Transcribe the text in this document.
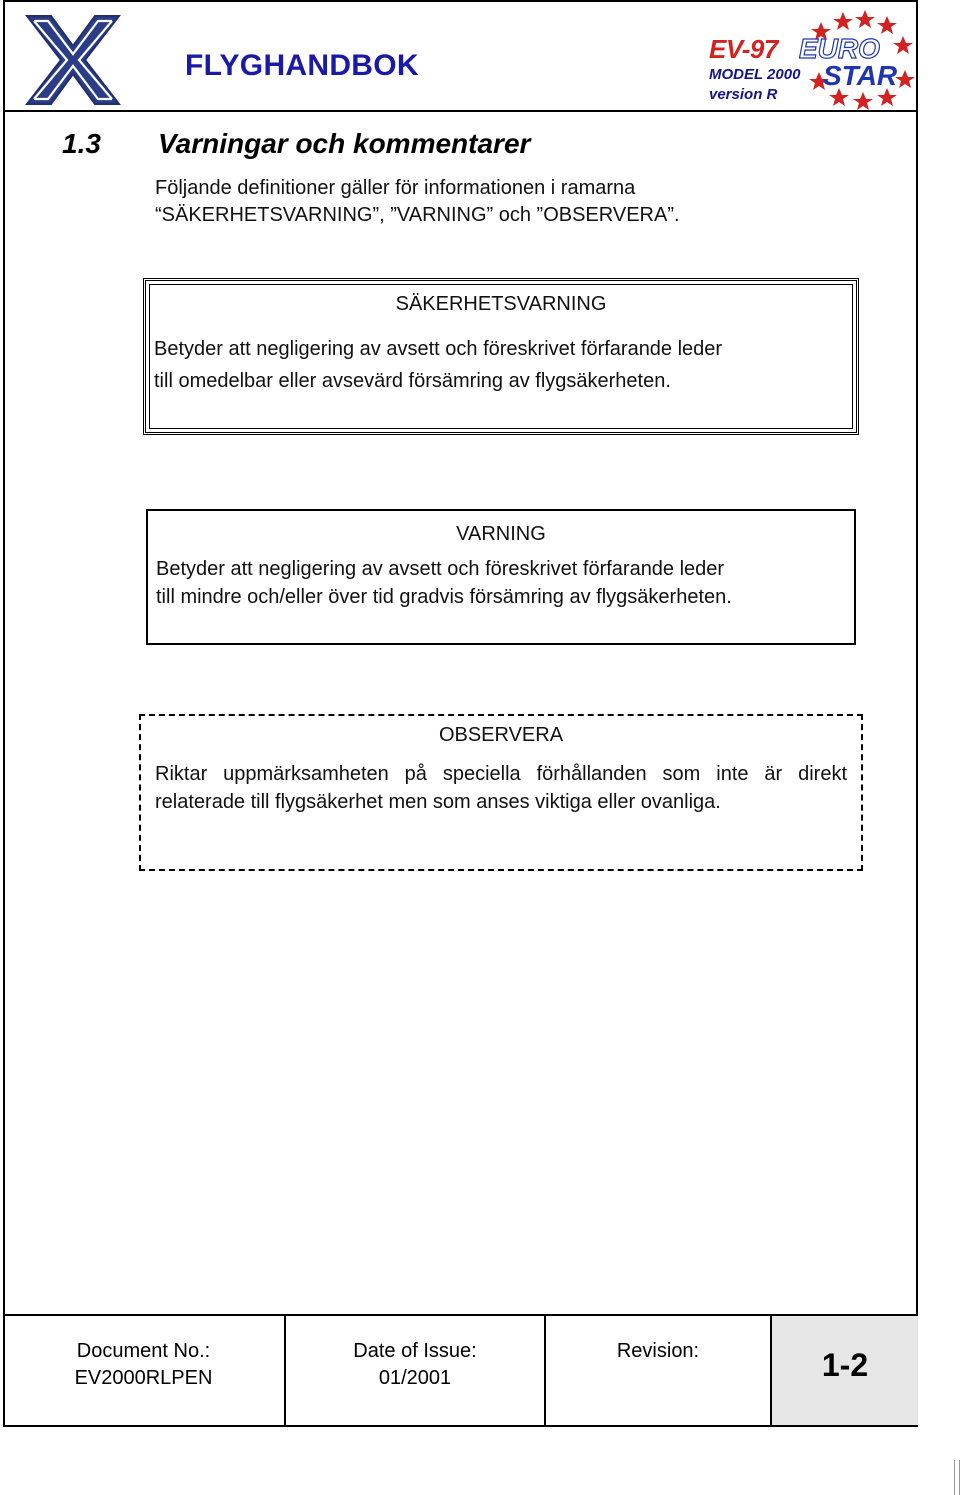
FLYGHANDBOK	EV-97 EURO
STAR
MODEL 2000
version R
1.3 Varningar och kommentarer
Följande definitioner gäller för informationen i ramarna
“SÄKERHETSVARNING”, ”VARNING” och ”OBSERVERA”.
SÄKERHETSVARNING
Betyder att negligering av avsett och föreskrivet förfarande leder
till omedelbar eller avsevärd försämring av flygsäkerheten.
VARNING
Betyder att negligering av avsett och föreskrivet förfarande leder
till mindre och/eller över tid gradvis försämring av flygsäkerheten.
OBSERVERA
Riktar uppmärksamheten på speciella förhållanden som inte är direkt relaterade till flygsäkerhet men som anses viktiga eller ovanliga.
Document No.:
EV2000RLPEN
Date of Issue:
01/2001
Revision:	1-2
